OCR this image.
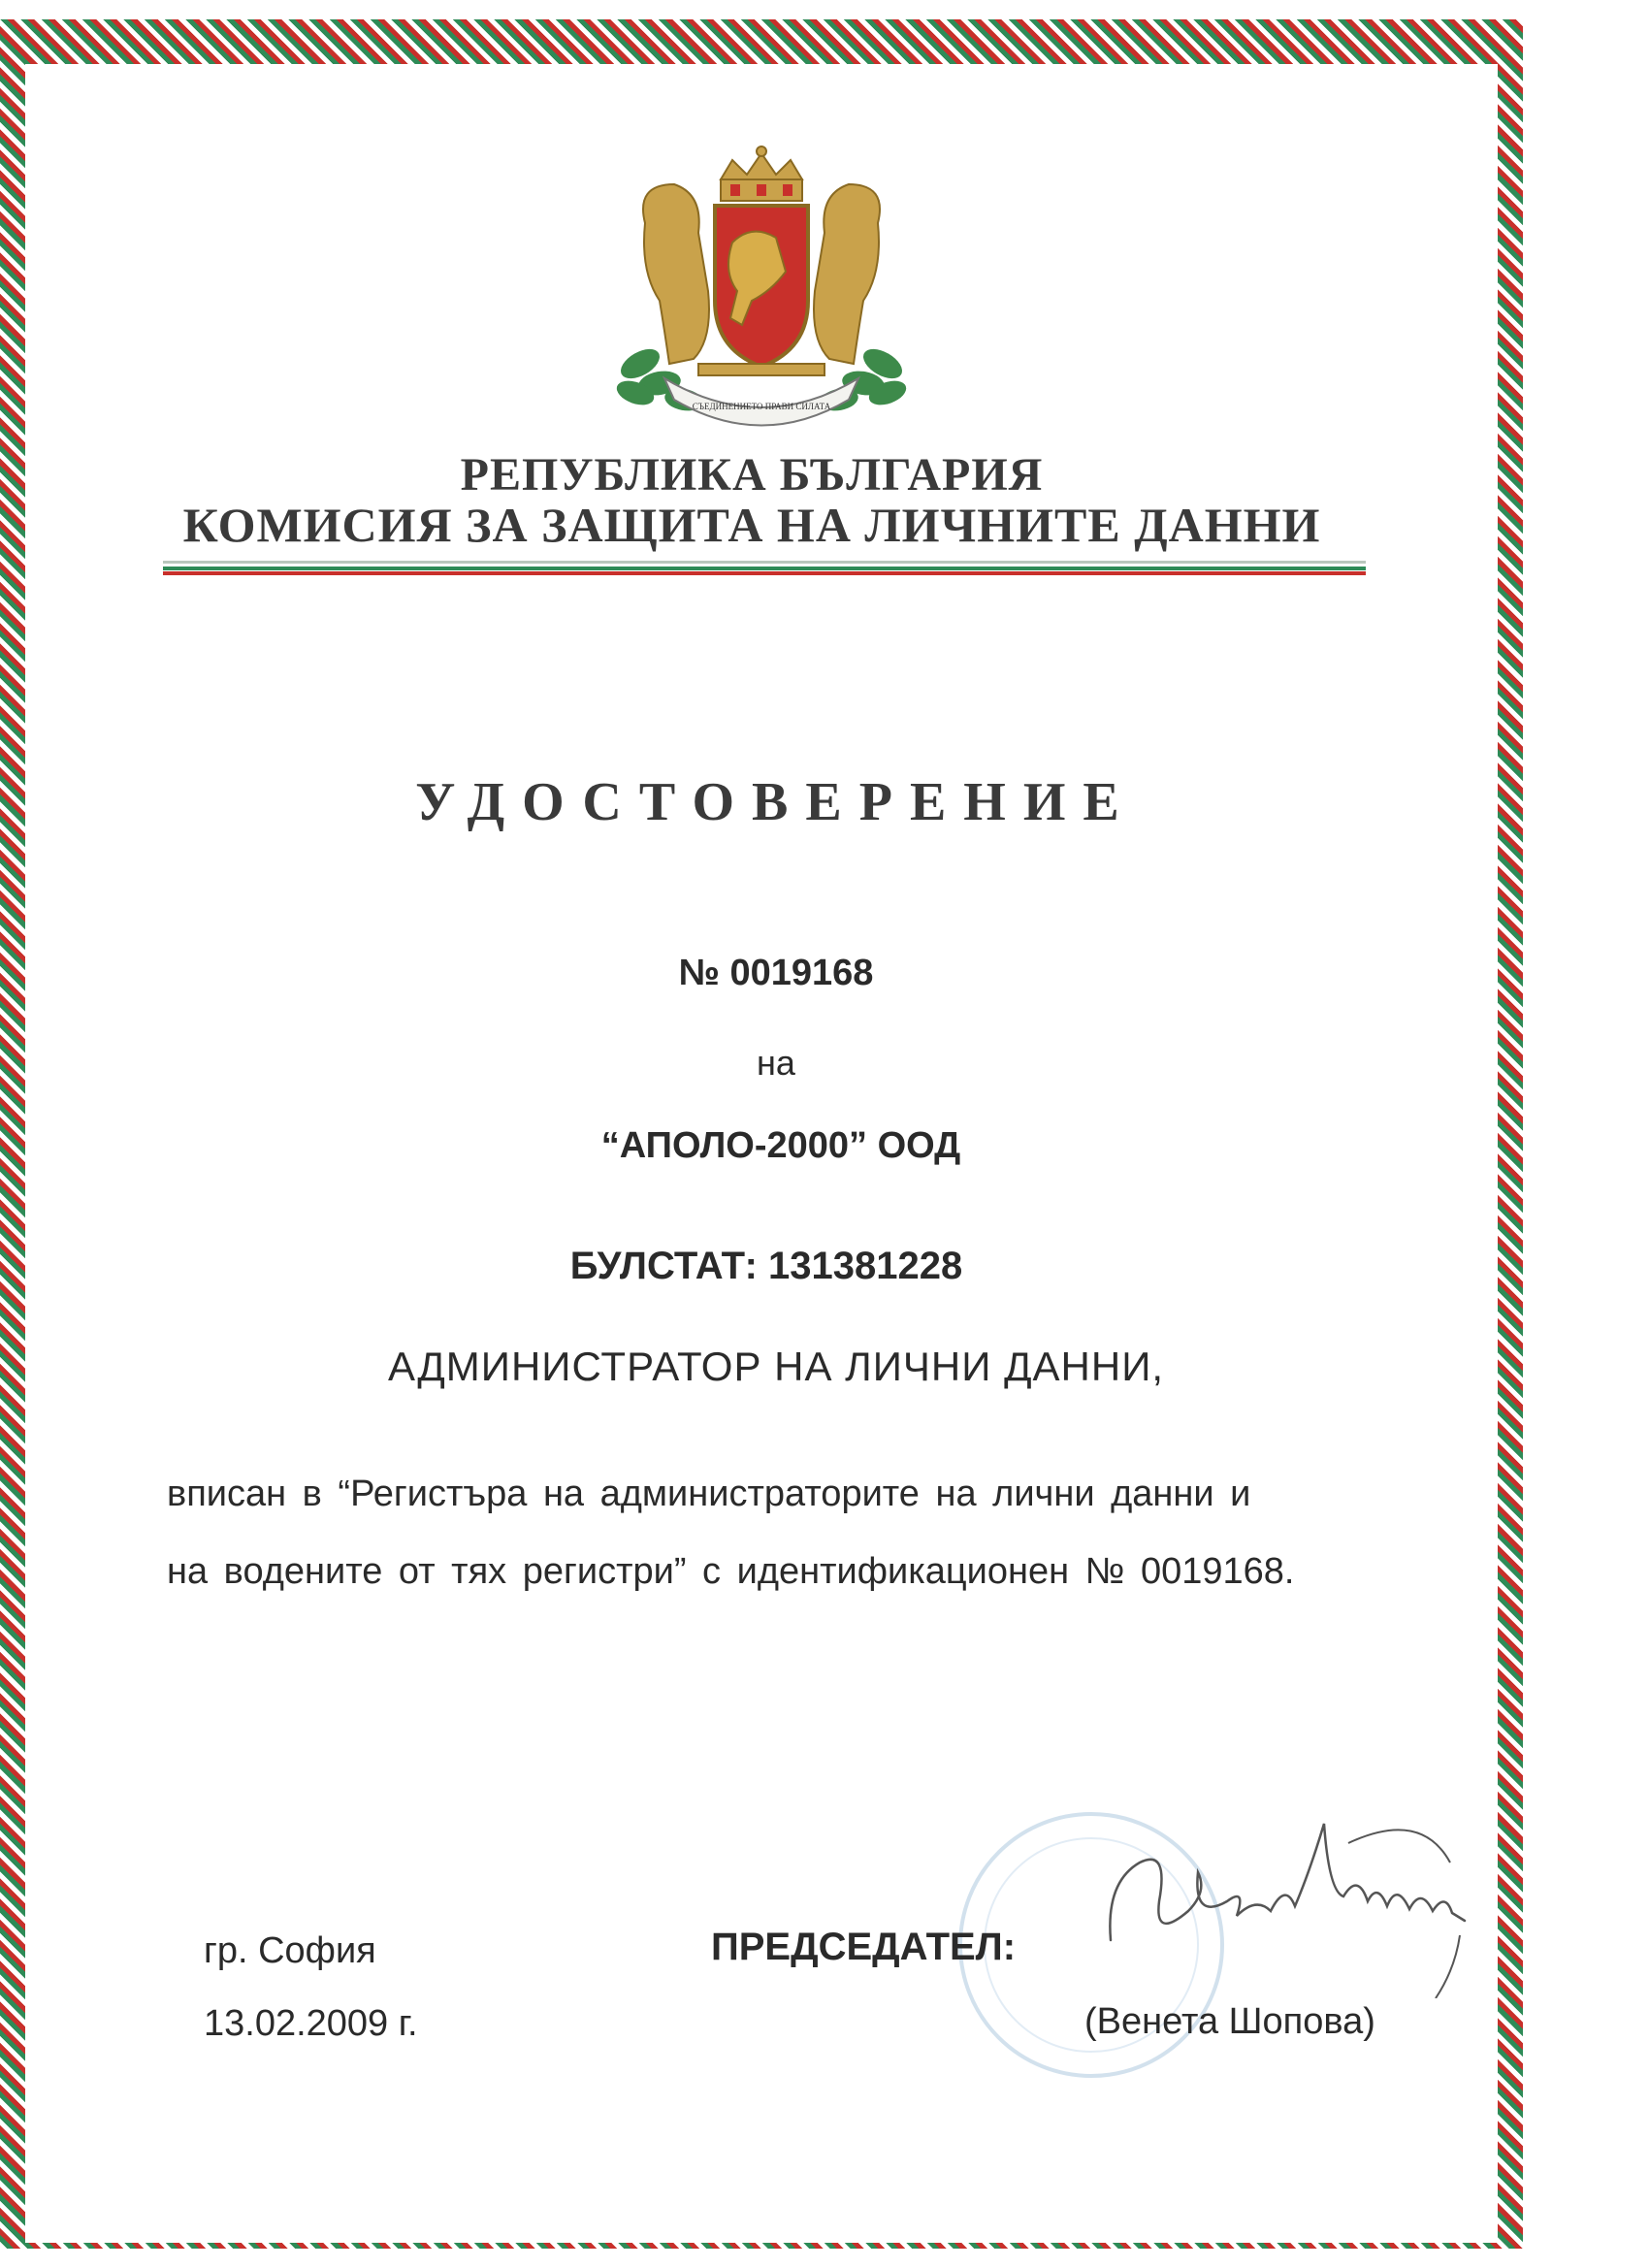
СЪЕДИНЕНИЕТО ПРАВИ СИЛАТА
РЕПУБЛИКА БЪЛГАРИЯ
КОМИСИЯ ЗА ЗАЩИТА НА ЛИЧНИТЕ ДАННИ
УДОСТОВЕРЕНИЕ
№ 0019168
на
“АПОЛО-2000” ООД
БУЛСТАТ: 131381228
АДМИНИСТРАТОР НА ЛИЧНИ ДАННИ,
вписан в “Регистъра на администраторите на лични данни и
на водените от тях регистри” с идентификационен № 0019168.
гр. София
13.02.2009 г.
ПРЕДСЕДАТЕЛ:
(Венета Шопова)
